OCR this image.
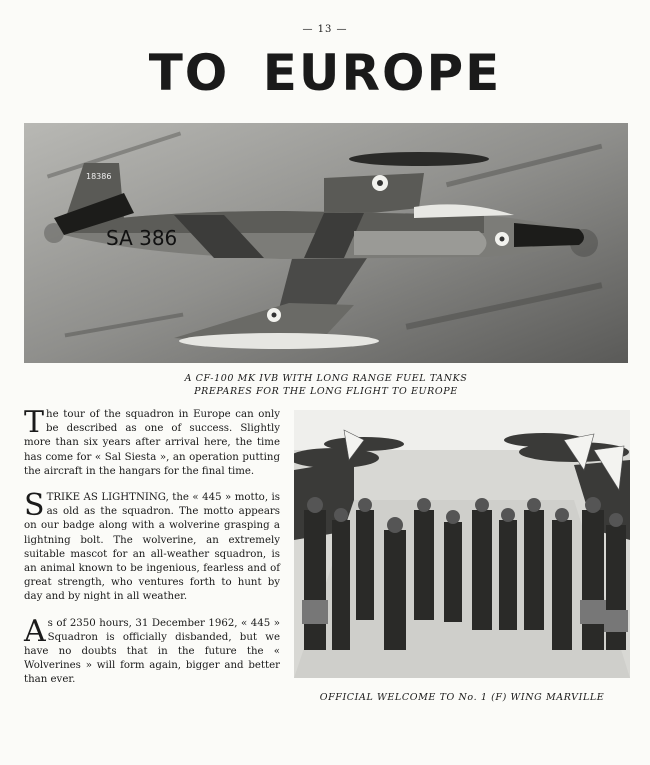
— 13 —
TO EUROPE
SA 386
18386
A CF-100 MK IVB WITH LONG RANGE FUEL TANKS
PREPARES FOR THE LONG FLIGHT TO EUROPE

T he tour of the squadron in Europe can only be described as one of success. Slightly more than six years after arrival here, the time has come for « Sal Siesta », an operation putting the aircraft in the hangars for the final time.

S TRIKE AS LIGHTNING, the « 445 » motto, is as old as the squadron. The motto appears on our badge along with a wolverine grasping a lightning bolt. The wolverine, an extremely suitable mascot for an all-weather squadron, is an animal known to be ingenious, fearless and of great strength, who ventures forth to hunt by day and by night in all weather.

A s of 2350 hours, 31 December 1962, « 445 » Squadron is officially disbanded, but we have no doubts that in the future the « Wolverines » will form again, bigger and better than ever.

OFFICIAL WELCOME TO No. 1 (F) WING MARVILLE
